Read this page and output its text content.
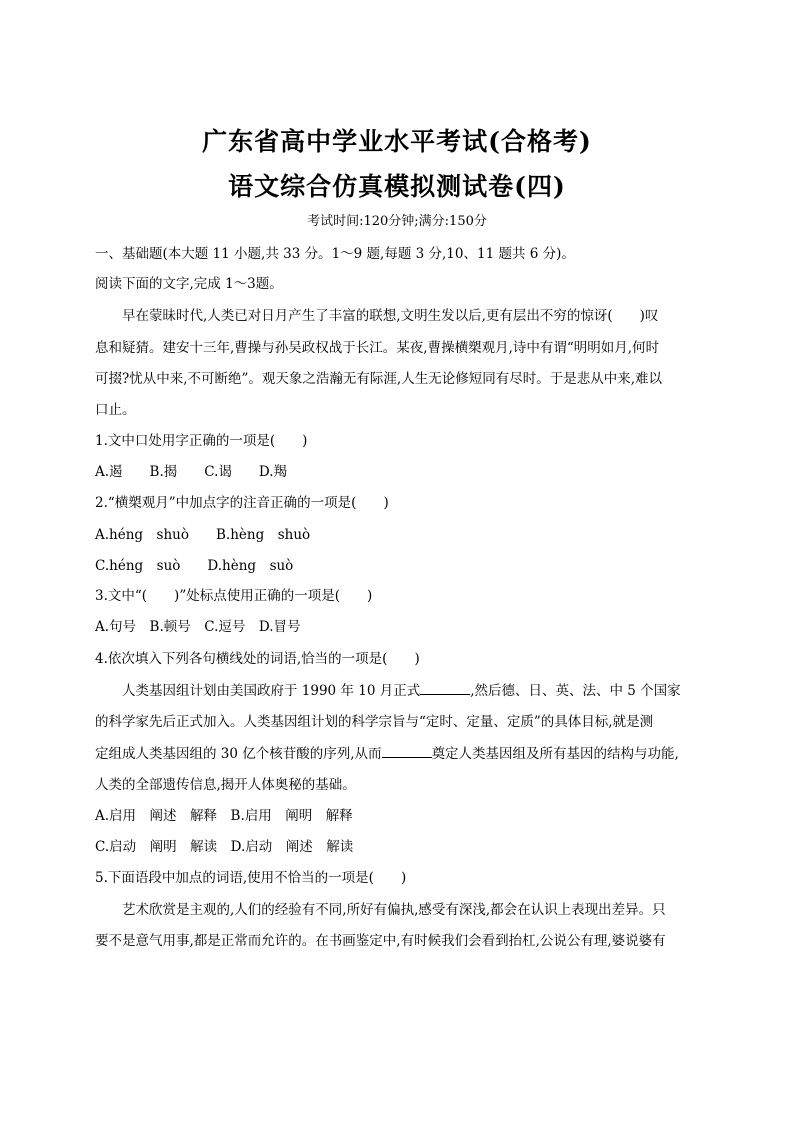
广东省高中学业水平考试(合格考)
语文综合仿真模拟测试卷(四)
考试时间:120分钟;满分:150分
一、基础题(本大题 11 小题,共 33 分。1～9 题,每题 3 分,10、11 题共 6 分)。
阅读下面的文字,完成 1～3题。
早在蒙昧时代,人类已对日月产生了丰富的联想,文明生发以后,更有层出不穷的惊讶(　　)叹
息和疑猜。建安十三年,曹操与孙吴政权战于长江。某夜,曹操横槊观月,诗中有谓“明明如月,何时
可掇?忧从中来,不可断绝”。观天象之浩瀚无有际涯,人生无论修短同有尽时。于是悲从中来,难以
口止。
1.文中口处用字正确的一项是(　　)
A.遏　　B.揭　　C.谒　　D.羯
2.“横槊观月”中加点字的注音正确的一项是(　　)
A.héng　shuò　　B.hèng　shuò
C.héng　suò　　D.hèng　suò
3.文中“(　　)”处标点使用正确的一项是(　　)
A.句号　B.顿号　C.逗号　D.冒号
4.依次填入下列各句横线处的词语,恰当的一项是(　　)
人类基因组计划由美国政府于 1990 年 10 月正式	,然后德、日、英、法、中 5 个国家
的科学家先后正式加入。人类基因组计划的科学宗旨与“定时、定量、定质”的具体目标,就是测
定组成人类基因组的 30 亿个核苷酸的序列,从而	奠定人类基因组及所有基因的结构与功能,
人类的全部遗传信息,揭开人体奥秘的基础。
A.启用　阐述　解释　B.启用　阐明　解释
C.启动　阐明　解读　D.启动　阐述　解读
5.下面语段中加点的词语,使用不恰当的一项是(　　)
艺术欣赏是主观的,人们的经验有不同,所好有偏执,感受有深浅,都会在认识上表现出差异。只
要不是意气用事,都是正常而允许的。在书画鉴定中,有时候我们会看到抬杠,公说公有理,婆说婆有
